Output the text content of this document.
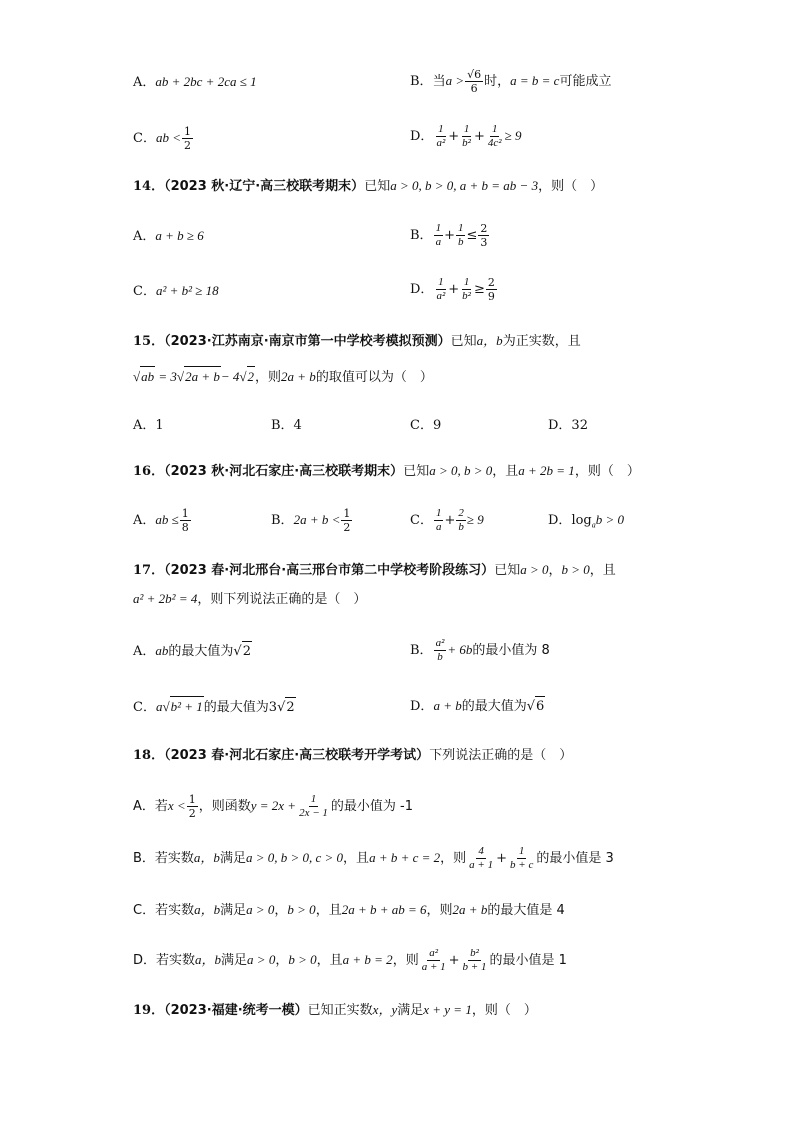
A．ab + 2bc + 2ca ≤ 1	B．当$a > \frac{√6}{6}$ 时，a = b = c可能成立
C．ab < $\frac{1}{2}$	D． $\frac{1}{\text{a²}} + \frac{1}{\text{b²}} + \frac{1}{\text{4c²}} \ge 9$
14．（2023 秋·辽宁·高三校联考期末）已知a > 0, b > 0, a + b = ab − 3，则（　）
A．a + b ≥ 6	B． $\frac{1}{a} + \frac{1}{b} \le \frac{2}{3}$
C．a² + b² ≥ 18	D． $\frac{1}{\text{a²}} + \frac{1}{\text{b²}} \ge \frac{2}{9}$
15．（2023·江苏南京·南京市第一中学校考模拟预测）已知a，b为正实数，且
√ ab = 3 √ 2a + b − 4 √ 2 ，则2a + b的取值可以为（　）
A．1	B．4	C．9	D．32
16．（2023 秋·河北石家庄·高三校联考期末）已知a > 0, b > 0，且a + 2b = 1，则（　）
A．ab ≤ $\frac{1}{8}$	B．$2a + b < \frac{1}{2}$	C． $\frac{1}{a} + \frac{2}{b} \ge 9$	D．$\log_ab > 0$
17．（2023 春·河北邢台·高三邢台市第二中学校考阶段练习）已知a > 0，b > 0，且
a² + 2b² = 4，则下列说法正确的是（　）
A．ab的最大值为 √ 2	B． $\frac{\text{a²}}{b} + 6b$的最小值为 8
C．a √ b² + 1 的最大值为3 √ 2	D．a + b的最大值为 √ 6
18．（2023 春·河北石家庄·高三校联考开学考试）下列说法正确的是（　）
A．若$x < \frac{1}{2}$ ，则函数$y = 2x + \frac{1}{2x - 1}$ 的最小值为 -1
B．若实数a，b满足a > 0, b > 0, c > 0，且a + b + c = 2，则 $\frac{4}{a + 1} + \frac{1}{b + c}$ 的最小值是 3
C．若实数a，b满足a > 0，b > 0，且2a + b + ab = 6，则2a + b的最大值是 4
D．若实数a，b满足a > 0，b > 0，且a + b = 2，则 $\frac{\text{a²}}{a + 1} + \frac{\text{b²}}{b + 1}$ 的最小值是 1
19．（2023·福建·统考一模）已知正实数x，y满足x + y = 1，则（　）
